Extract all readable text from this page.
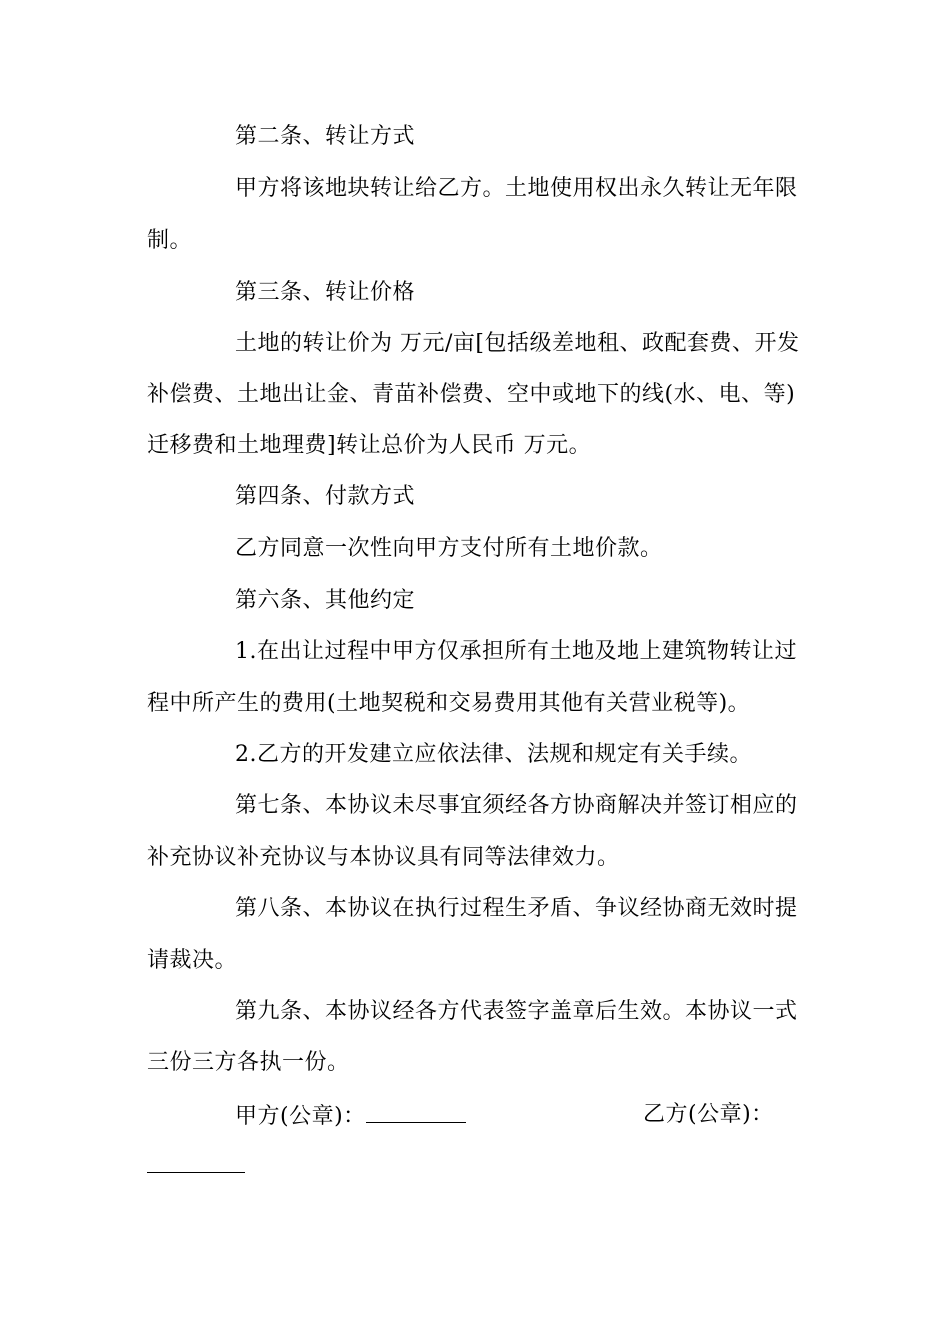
第二条、转让方式
甲方将该地块转让给乙方。土地使用权出永久转让无年限
制。
第三条、转让价格
土地的转让价为 万元/亩[包括级差地租、政配套费、开发
补偿费、土地出让金、青苗补偿费、空中或地下的线(水、电、等)
迁移费和土地理费]转让总价为人民币 万元。
第四条、付款方式
乙方同意一次性向甲方支付所有土地价款。
第六条、其他约定
1.在出让过程中甲方仅承担所有土地及地上建筑物转让过
程中所产生的费用(土地契税和交易费用其他有关营业税等)。
2.乙方的开发建立应依法律、法规和规定有关手续。
第七条、本协议未尽事宜须经各方协商解决并签订相应的
补充协议补充协议与本协议具有同等法律效力。
第八条、本协议在执行过程生矛盾、争议经协商无效时提
请裁决。
第九条、本协议经各方代表签字盖章后生效。本协议一式
三份三方各执一份。
甲方(公章)：	乙方(公章)：
